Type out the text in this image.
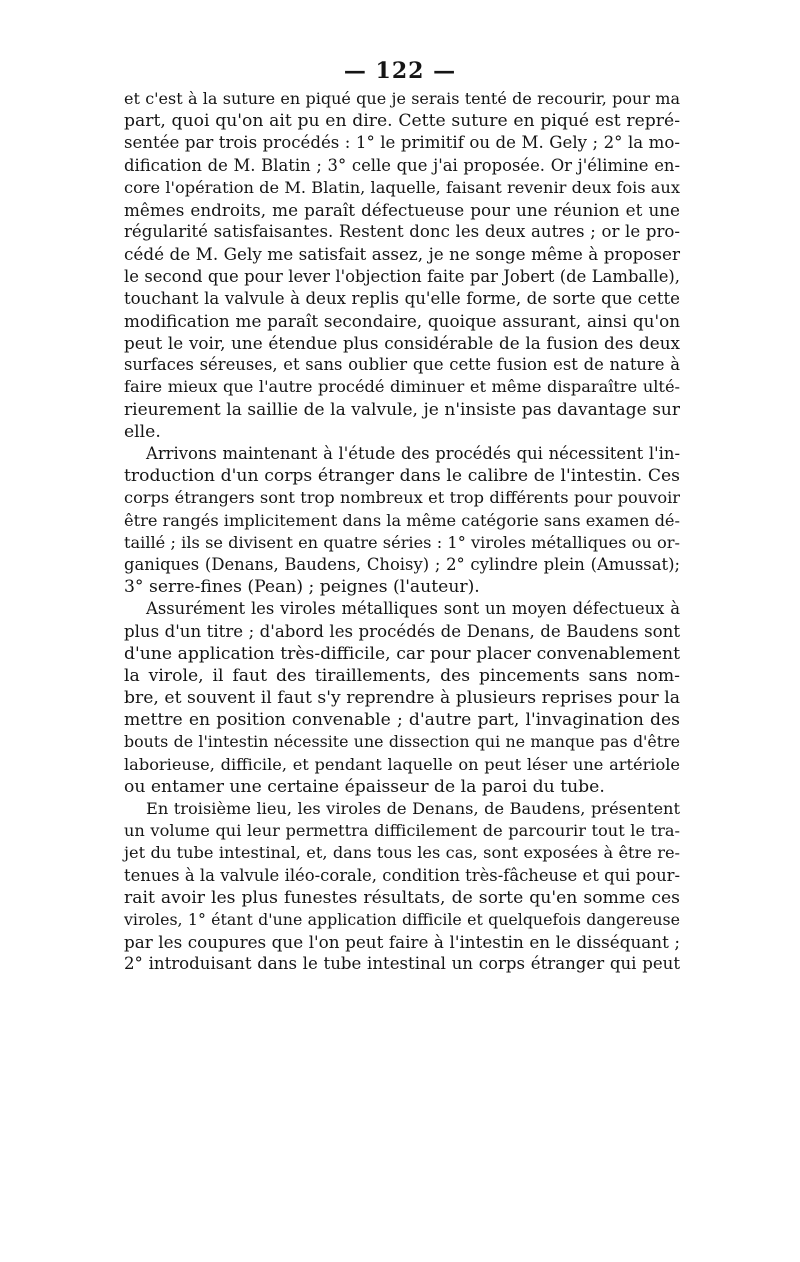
— 122 —
et c'est à la suture en piqué que je serais tenté de recourir, pour ma
part, quoi qu'on ait pu en dire. Cette suture en piqué est repré-
sentée par trois procédés : 1° le primitif ou de M. Gely ; 2° la mo-
dification de M. Blatin ; 3° celle que j'ai proposée. Or j'élimine en-
core l'opération de M. Blatin, laquelle, faisant revenir deux fois aux
mêmes endroits, me paraît défectueuse pour une réunion et une
régularité satisfaisantes. Restent donc les deux autres ; or le pro-
cédé de M. Gely me satisfait assez, je ne songe même à proposer
le second que pour lever l'objection faite par Jobert (de Lamballe),
touchant la valvule à deux replis qu'elle forme, de sorte que cette
modification me paraît secondaire, quoique assurant, ainsi qu'on
peut le voir, une étendue plus considérable de la fusion des deux
surfaces séreuses, et sans oublier que cette fusion est de nature à
faire mieux que l'autre procédé diminuer et même disparaître ulté-
rieurement la saillie de la valvule, je n'insiste pas davantage sur
elle.
Arrivons maintenant à l'étude des procédés qui nécessitent l'in-
troduction d'un corps étranger dans le calibre de l'intestin. Ces
corps étrangers sont trop nombreux et trop différents pour pouvoir
être rangés implicitement dans la même catégorie sans examen dé-
taillé ; ils se divisent en quatre séries : 1° viroles métalliques ou or-
ganiques (Denans, Baudens, Choisy) ; 2° cylindre plein (Amussat);
3° serre-fines (Pean) ; peignes (l'auteur).
Assurément les viroles métalliques sont un moyen défectueux à
plus d'un titre ; d'abord les procédés de Denans, de Baudens sont
d'une application très-difficile, car pour placer convenablement
la virole, il faut des tiraillements, des pincements sans nom-
bre, et souvent il faut s'y reprendre à plusieurs reprises pour la
mettre en position convenable ; d'autre part, l'invagination des
bouts de l'intestin nécessite une dissection qui ne manque pas d'être
laborieuse, difficile, et pendant laquelle on peut léser une artériole
ou entamer une certaine épaisseur de la paroi du tube.
En troisième lieu, les viroles de Denans, de Baudens, présentent
un volume qui leur permettra difficilement de parcourir tout le tra-
jet du tube intestinal, et, dans tous les cas, sont exposées à être re-
tenues à la valvule iléo-corale, condition très-fâcheuse et qui pour-
rait avoir les plus funestes résultats, de sorte qu'en somme ces
viroles, 1° étant d'une application difficile et quelquefois dangereuse
par les coupures que l'on peut faire à l'intestin en le disséquant ;
2° introduisant dans le tube intestinal un corps étranger qui peut
